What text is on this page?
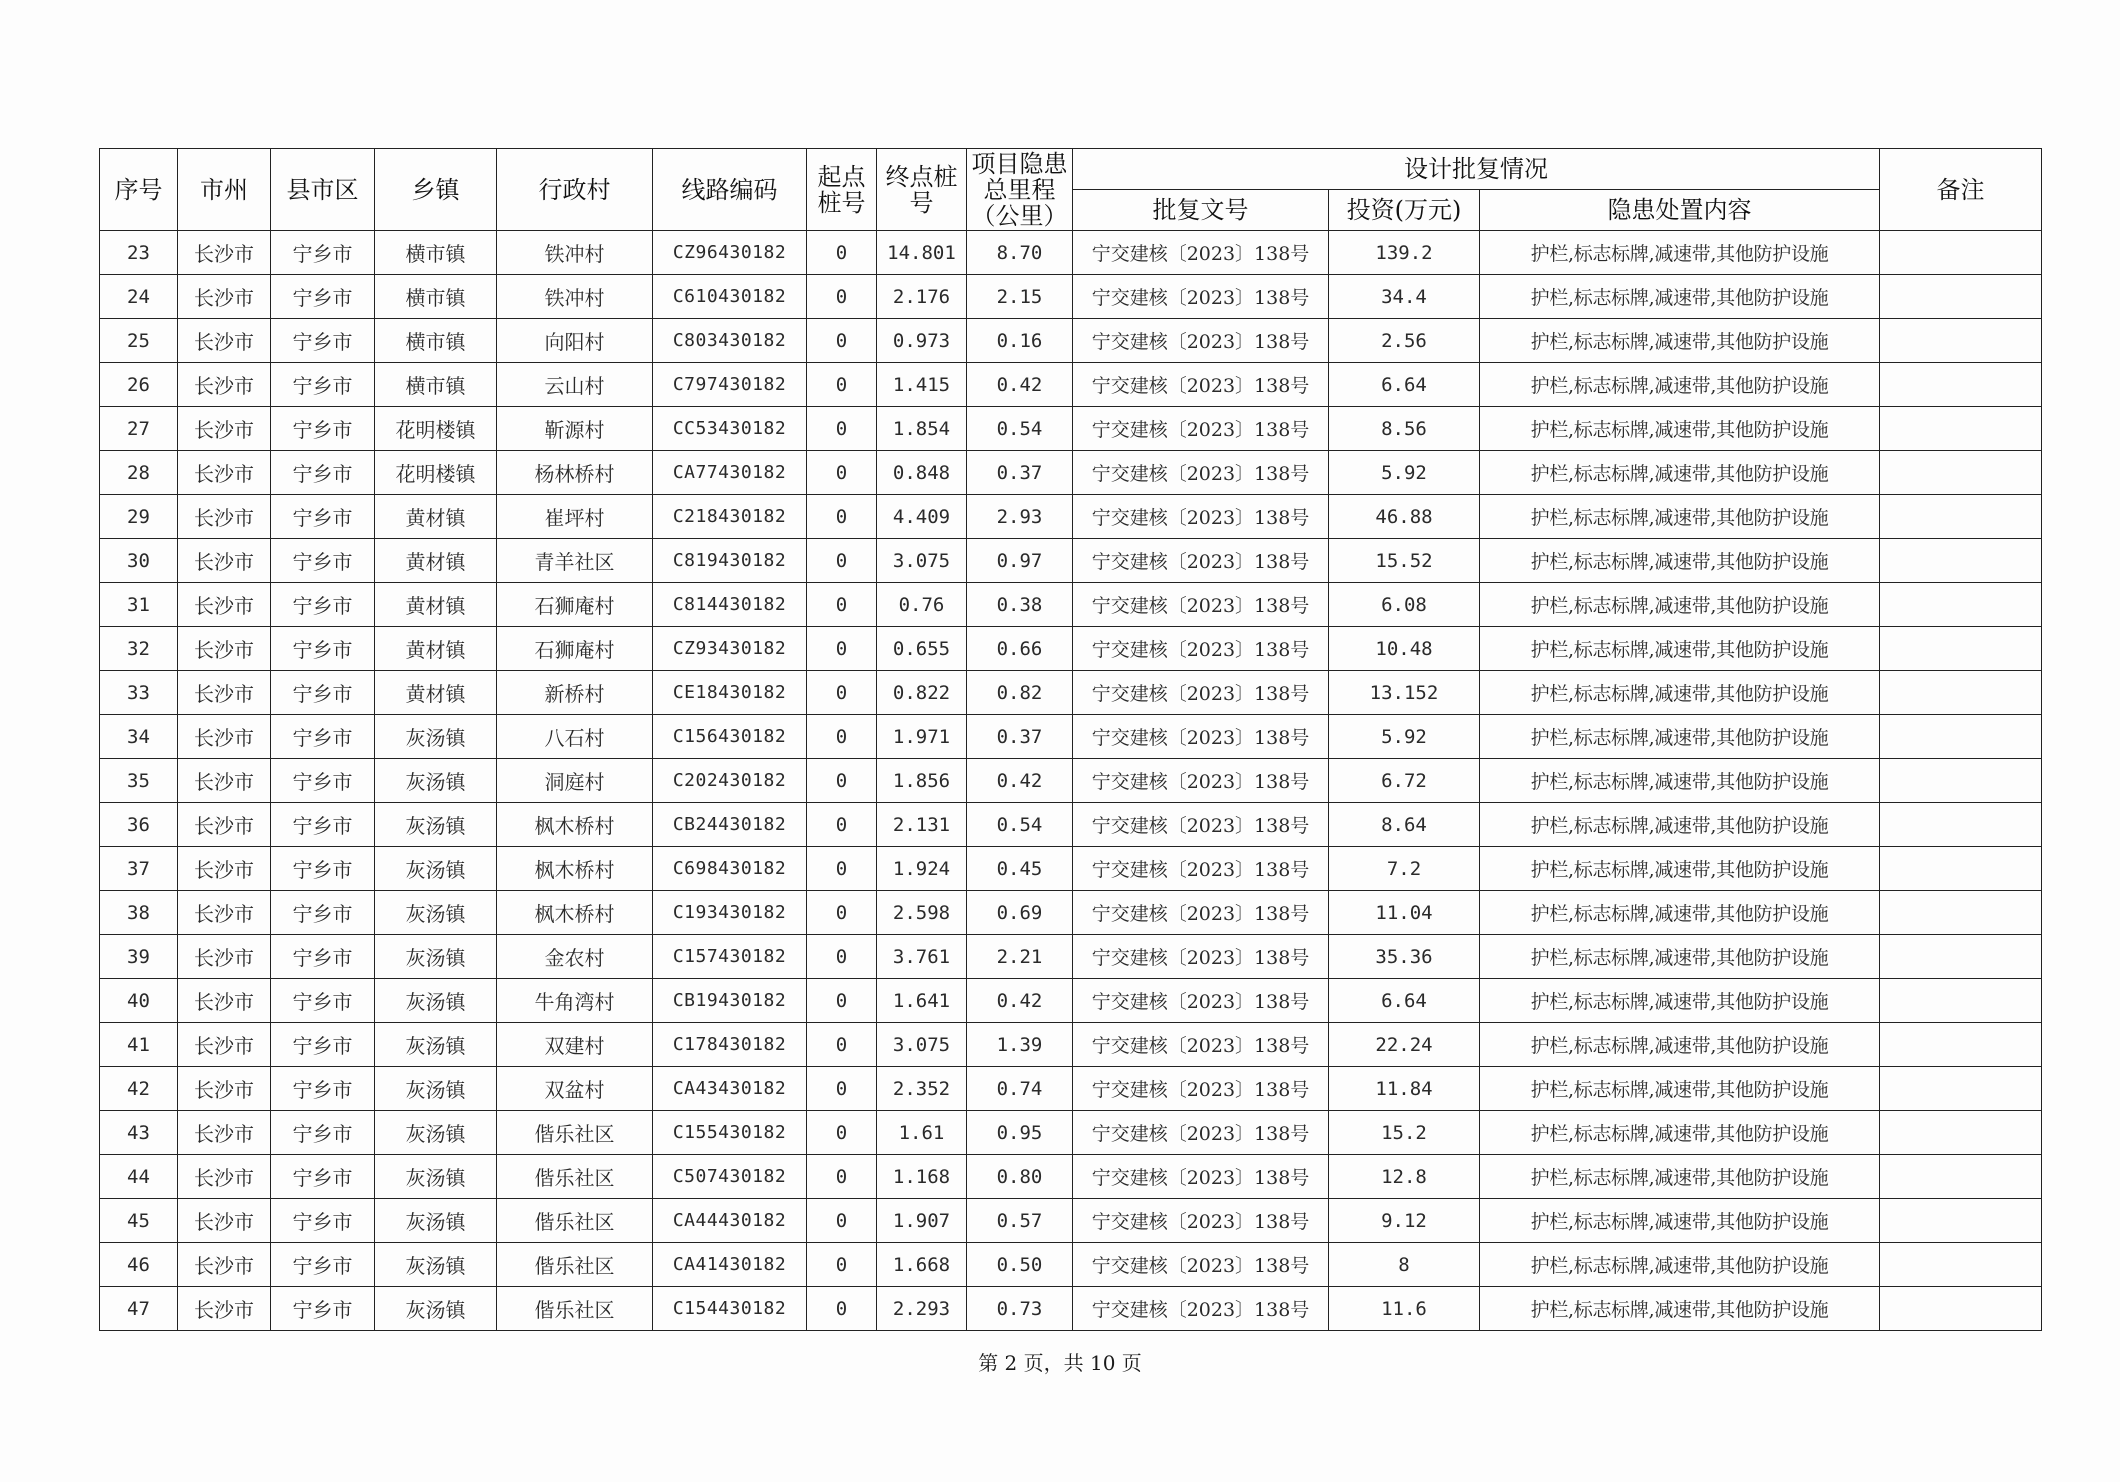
序号	市州	县市区	乡镇	行政村	线路编码	起点桩号	终点桩号	项目隐患总里程（公里）	设计批复情况			备注
									批复文号	投资(万元)	隐患处置内容	
23	长沙市	宁乡市	横市镇	铁冲村	CZ96430182	0	14.801	8.70	宁交建核〔2023〕138号	139.2	护栏,标志标牌,减速带,其他防护设施	
24	长沙市	宁乡市	横市镇	铁冲村	C610430182	0	2.176	2.15	宁交建核〔2023〕138号	34.4	护栏,标志标牌,减速带,其他防护设施	
25	长沙市	宁乡市	横市镇	向阳村	C803430182	0	0.973	0.16	宁交建核〔2023〕138号	2.56	护栏,标志标牌,减速带,其他防护设施	
26	长沙市	宁乡市	横市镇	云山村	C797430182	0	1.415	0.42	宁交建核〔2023〕138号	6.64	护栏,标志标牌,减速带,其他防护设施	
27	长沙市	宁乡市	花明楼镇	靳源村	CC53430182	0	1.854	0.54	宁交建核〔2023〕138号	8.56	护栏,标志标牌,减速带,其他防护设施	
28	长沙市	宁乡市	花明楼镇	杨林桥村	CA77430182	0	0.848	0.37	宁交建核〔2023〕138号	5.92	护栏,标志标牌,减速带,其他防护设施	
29	长沙市	宁乡市	黄材镇	崔坪村	C218430182	0	4.409	2.93	宁交建核〔2023〕138号	46.88	护栏,标志标牌,减速带,其他防护设施	
30	长沙市	宁乡市	黄材镇	青羊社区	C819430182	0	3.075	0.97	宁交建核〔2023〕138号	15.52	护栏,标志标牌,减速带,其他防护设施	
31	长沙市	宁乡市	黄材镇	石狮庵村	C814430182	0	0.76	0.38	宁交建核〔2023〕138号	6.08	护栏,标志标牌,减速带,其他防护设施	
32	长沙市	宁乡市	黄材镇	石狮庵村	CZ93430182	0	0.655	0.66	宁交建核〔2023〕138号	10.48	护栏,标志标牌,减速带,其他防护设施	
33	长沙市	宁乡市	黄材镇	新桥村	CE18430182	0	0.822	0.82	宁交建核〔2023〕138号	13.152	护栏,标志标牌,减速带,其他防护设施	
34	长沙市	宁乡市	灰汤镇	八石村	C156430182	0	1.971	0.37	宁交建核〔2023〕138号	5.92	护栏,标志标牌,减速带,其他防护设施	
35	长沙市	宁乡市	灰汤镇	洞庭村	C202430182	0	1.856	0.42	宁交建核〔2023〕138号	6.72	护栏,标志标牌,减速带,其他防护设施	
36	长沙市	宁乡市	灰汤镇	枫木桥村	CB24430182	0	2.131	0.54	宁交建核〔2023〕138号	8.64	护栏,标志标牌,减速带,其他防护设施	
37	长沙市	宁乡市	灰汤镇	枫木桥村	C698430182	0	1.924	0.45	宁交建核〔2023〕138号	7.2	护栏,标志标牌,减速带,其他防护设施	
38	长沙市	宁乡市	灰汤镇	枫木桥村	C193430182	0	2.598	0.69	宁交建核〔2023〕138号	11.04	护栏,标志标牌,减速带,其他防护设施	
39	长沙市	宁乡市	灰汤镇	金农村	C157430182	0	3.761	2.21	宁交建核〔2023〕138号	35.36	护栏,标志标牌,减速带,其他防护设施	
40	长沙市	宁乡市	灰汤镇	牛角湾村	CB19430182	0	1.641	0.42	宁交建核〔2023〕138号	6.64	护栏,标志标牌,减速带,其他防护设施	
41	长沙市	宁乡市	灰汤镇	双建村	C178430182	0	3.075	1.39	宁交建核〔2023〕138号	22.24	护栏,标志标牌,减速带,其他防护设施	
42	长沙市	宁乡市	灰汤镇	双盆村	CA43430182	0	2.352	0.74	宁交建核〔2023〕138号	11.84	护栏,标志标牌,减速带,其他防护设施	
43	长沙市	宁乡市	灰汤镇	偕乐社区	C155430182	0	1.61	0.95	宁交建核〔2023〕138号	15.2	护栏,标志标牌,减速带,其他防护设施	
44	长沙市	宁乡市	灰汤镇	偕乐社区	C507430182	0	1.168	0.80	宁交建核〔2023〕138号	12.8	护栏,标志标牌,减速带,其他防护设施	
45	长沙市	宁乡市	灰汤镇	偕乐社区	CA44430182	0	1.907	0.57	宁交建核〔2023〕138号	9.12	护栏,标志标牌,减速带,其他防护设施	
46	长沙市	宁乡市	灰汤镇	偕乐社区	CA41430182	0	1.668	0.50	宁交建核〔2023〕138号	8	护栏,标志标牌,减速带,其他防护设施	
47	长沙市	宁乡市	灰汤镇	偕乐社区	C154430182	0	2.293	0.73	宁交建核〔2023〕138号	11.6	护栏,标志标牌,减速带,其他防护设施	
第 2 页，共 10 页
